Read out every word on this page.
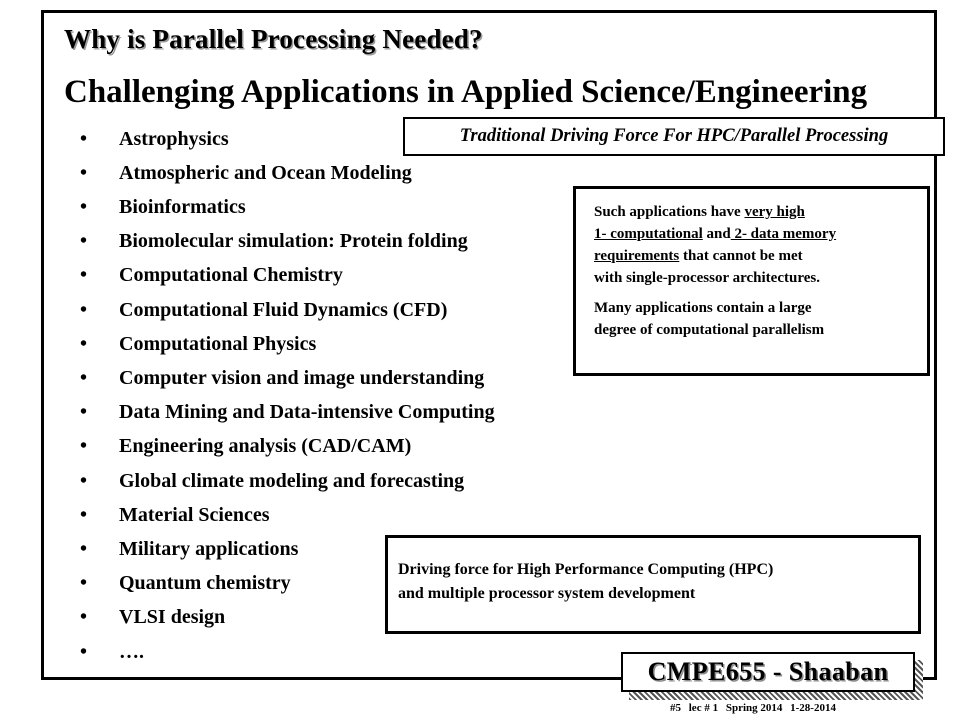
Why is Parallel Processing Needed?
Challenging Applications in Applied Science/Engineering
•	Astrophysics
•	Atmospheric and Ocean Modeling
•	Bioinformatics
•	Biomolecular simulation: Protein folding
•	Computational Chemistry
•	Computational Fluid Dynamics (CFD)
•	Computational Physics
•	Computer vision and image understanding
•	Data Mining and Data-intensive Computing
•	Engineering analysis (CAD/CAM)
•	Global climate modeling and forecasting
•	Material Sciences
•	Military applications
•	Quantum chemistry
•	VLSI design
•	….
Traditional Driving Force For HPC/Parallel Processing
Such applications have very high
1- computational and 2- data memory
requirements that cannot be met
with single-processor architectures.
Many applications contain a large
degree of computational parallelism
Driving force for High Performance Computing (HPC)
and multiple processor system development
CMPE655 - Shaaban
#5 lec # 1 Spring 2014 1-28-2014
